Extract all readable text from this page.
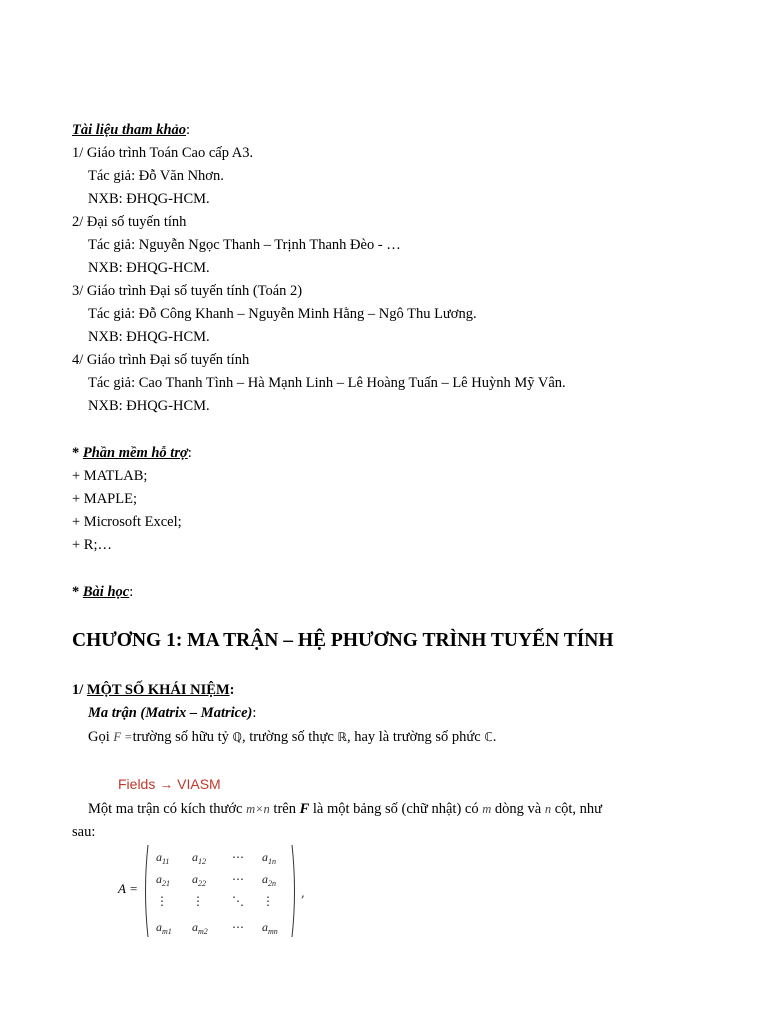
Tài liệu tham khảo:
1/ Giáo trình Toán Cao cấp A3.
Tác giả: Đỗ Văn Nhơn.
NXB: ĐHQG-HCM.
2/ Đại số tuyến tính
Tác giả: Nguyễn Ngọc Thanh – Trịnh Thanh Đèo - …
NXB: ĐHQG-HCM.
3/ Giáo trình Đại số tuyến tính (Toán 2)
Tác giả: Đỗ Công Khanh – Nguyễn Minh Hằng – Ngô Thu Lương.
NXB: ĐHQG-HCM.
4/ Giáo trình Đại số tuyến tính
Tác giả: Cao Thanh Tình – Hà Mạnh Linh – Lê Hoàng Tuấn – Lê Huỳnh Mỹ Vân.
NXB: ĐHQG-HCM.
* Phần mềm hỗ trợ:
+ MATLAB;
+ MAPLE;
+ Microsoft Excel;
+ R;…
* Bài học:
CHƯƠNG 1: MA TRẬN – HỆ PHƯƠNG TRÌNH TUYẾN TÍNH
1/ MỘT SỐ KHÁI NIỆM:
Ma trận (Matrix – Matrice):
Gọi F =trường số hữu tỷ ℚ, trường số thực ℝ, hay là trường số phức ℂ.
Fields → VIASM
Một ma trận có kích thước m×n trên F là một bảng số (chữ nhật) có m dòng và n cột, như
sau:
A =
$a_{11}$ $a_{12}$ ⋯ $a_{1n}$
$a_{21}$ $a_{22}$ ⋯ $a_{2n}$
⋮ ⋮ ⋱ ⋮
$a_{m1}$ $a_{m2}$ ⋯ $a_{mn}$
,
